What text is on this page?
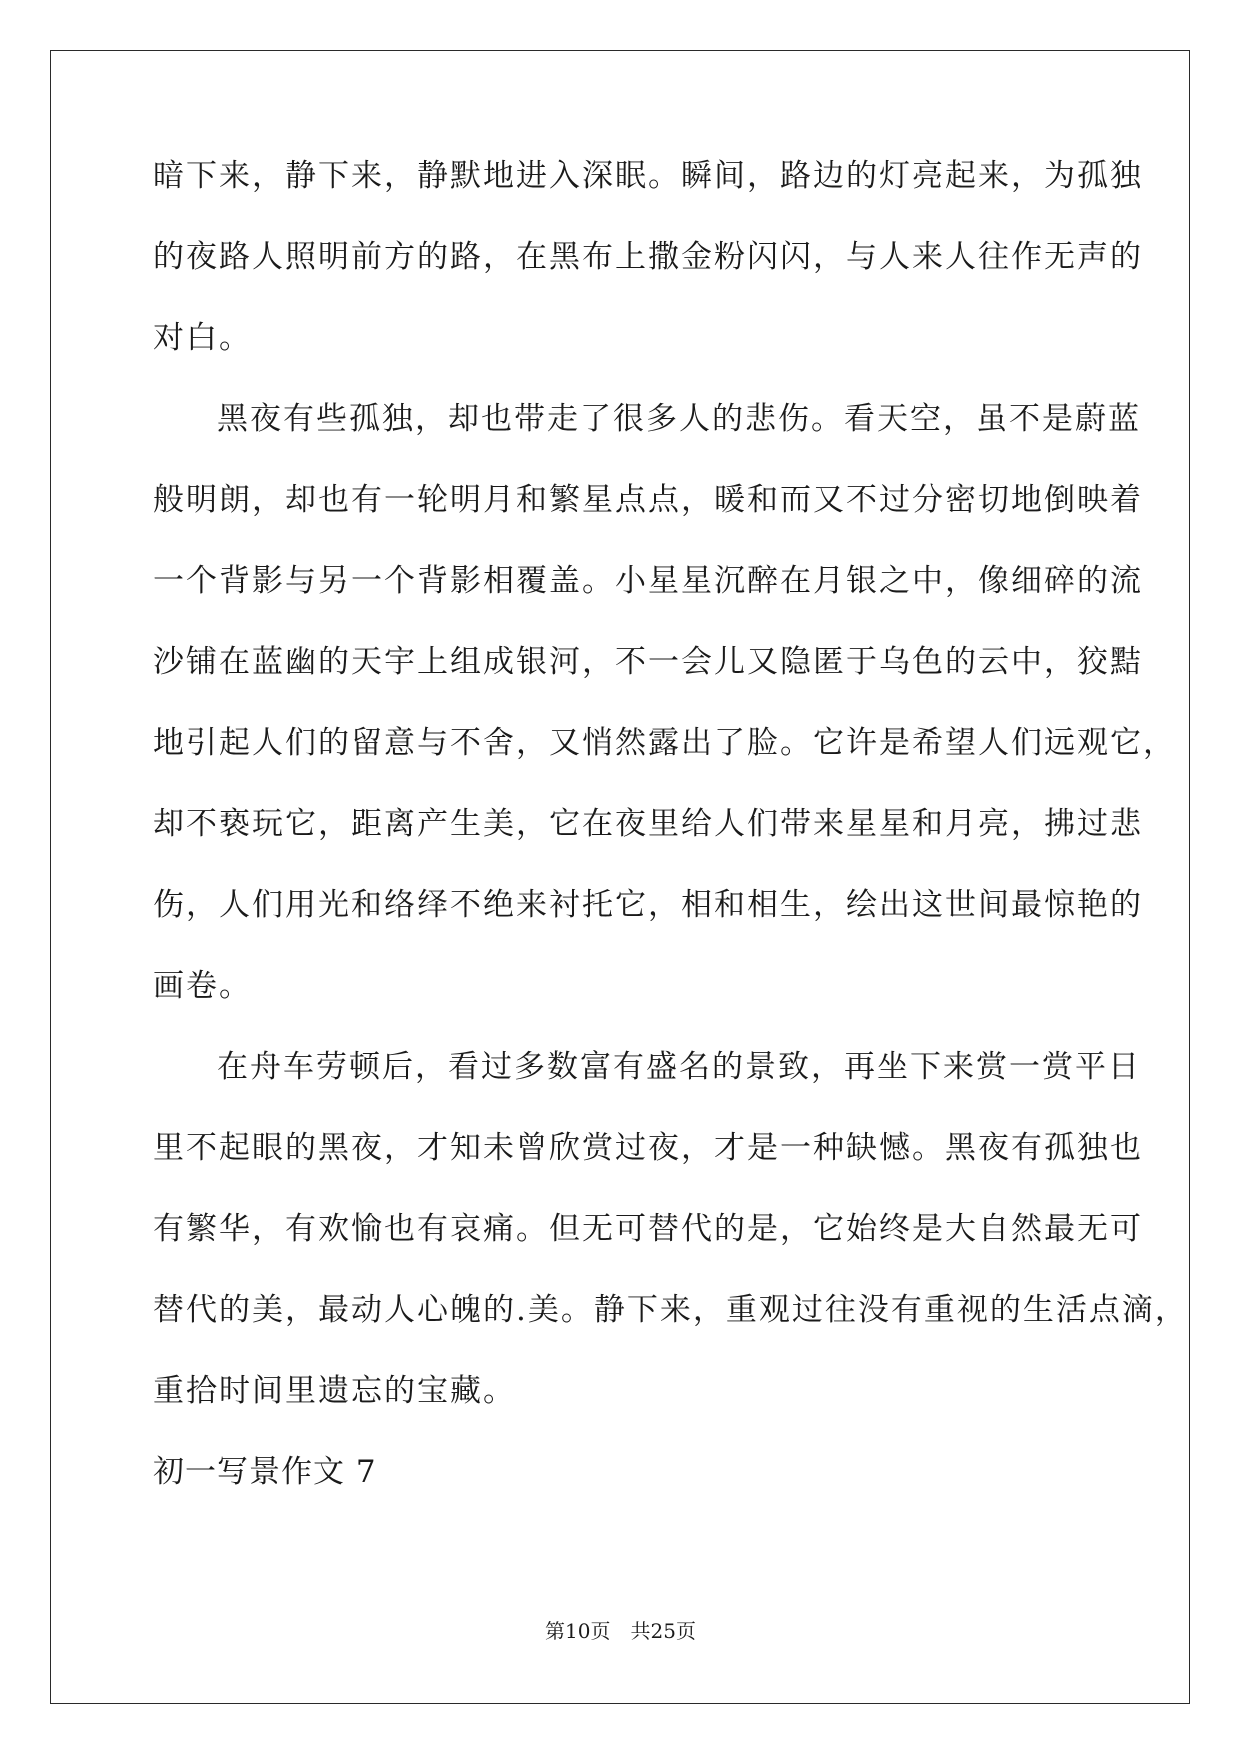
暗下来，静下来，静默地进入深眠。瞬间，路边的灯亮起来，为孤独
的夜路人照明前方的路，在黑布上撒金粉闪闪，与人来人往作无声的
对白。
黑夜有些孤独，却也带走了很多人的悲伤。看天空，虽不是蔚蓝
般明朗，却也有一轮明月和繁星点点，暖和而又不过分密切地倒映着
一个背影与另一个背影相覆盖。小星星沉醉在月银之中，像细碎的流
沙铺在蓝幽的天宇上组成银河，不一会儿又隐匿于乌色的云中，狡黠
地引起人们的留意与不舍，又悄然露出了脸。它许是希望人们远观它，
却不亵玩它，距离产生美，它在夜里给人们带来星星和月亮，拂过悲
伤，人们用光和络绎不绝来衬托它，相和相生，绘出这世间最惊艳的
画卷。
在舟车劳顿后，看过多数富有盛名的景致，再坐下来赏一赏平日
里不起眼的黑夜，才知未曾欣赏过夜，才是一种缺憾。黑夜有孤独也
有繁华，有欢愉也有哀痛。但无可替代的是，它始终是大自然最无可
替代的美，最动人心魄的.美。静下来，重观过往没有重视的生活点滴，
重拾时间里遗忘的宝藏。
初一写景作文 7
第10页　共25页
